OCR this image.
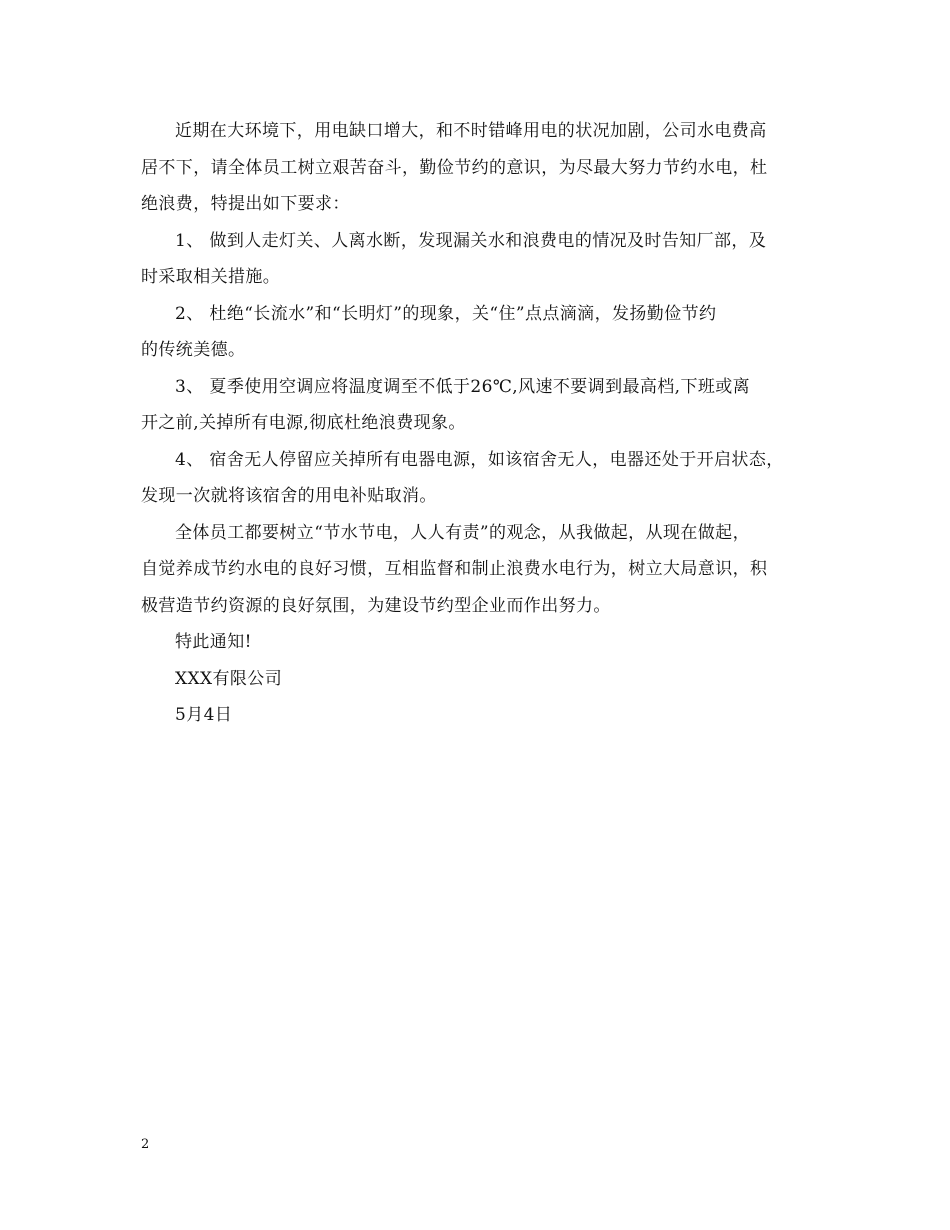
近期在大环境下，用电缺口增大，和不时错峰用电的状况加剧，公司水电费高
居不下，请全体员工树立艰苦奋斗，勤俭节约的意识，为尽最大努力节约水电，杜
绝浪费，特提出如下要求：
1、 做到人走灯关、人离水断，发现漏关水和浪费电的情况及时告知厂部，及
时采取相关措施。
2、 杜绝“长流水”和“长明灯”的现象，关“住”点点滴滴，发扬勤俭节约
的传统美德。
3、 夏季使用空调应将温度调至不低于26℃,风速不要调到最高档,下班或离
开之前,关掉所有电源,彻底杜绝浪费现象。
4、 宿舍无人停留应关掉所有电器电源，如该宿舍无人，电器还处于开启状态，
发现一次就将该宿舍的用电补贴取消。
全体员工都要树立“节水节电，人人有责”的观念，从我做起，从现在做起，
自觉养成节约水电的良好习惯，互相监督和制止浪费水电行为，树立大局意识，积
极营造节约资源的良好氛围，为建设节约型企业而作出努力。
特此通知!
XXX有限公司
5月4日
2
